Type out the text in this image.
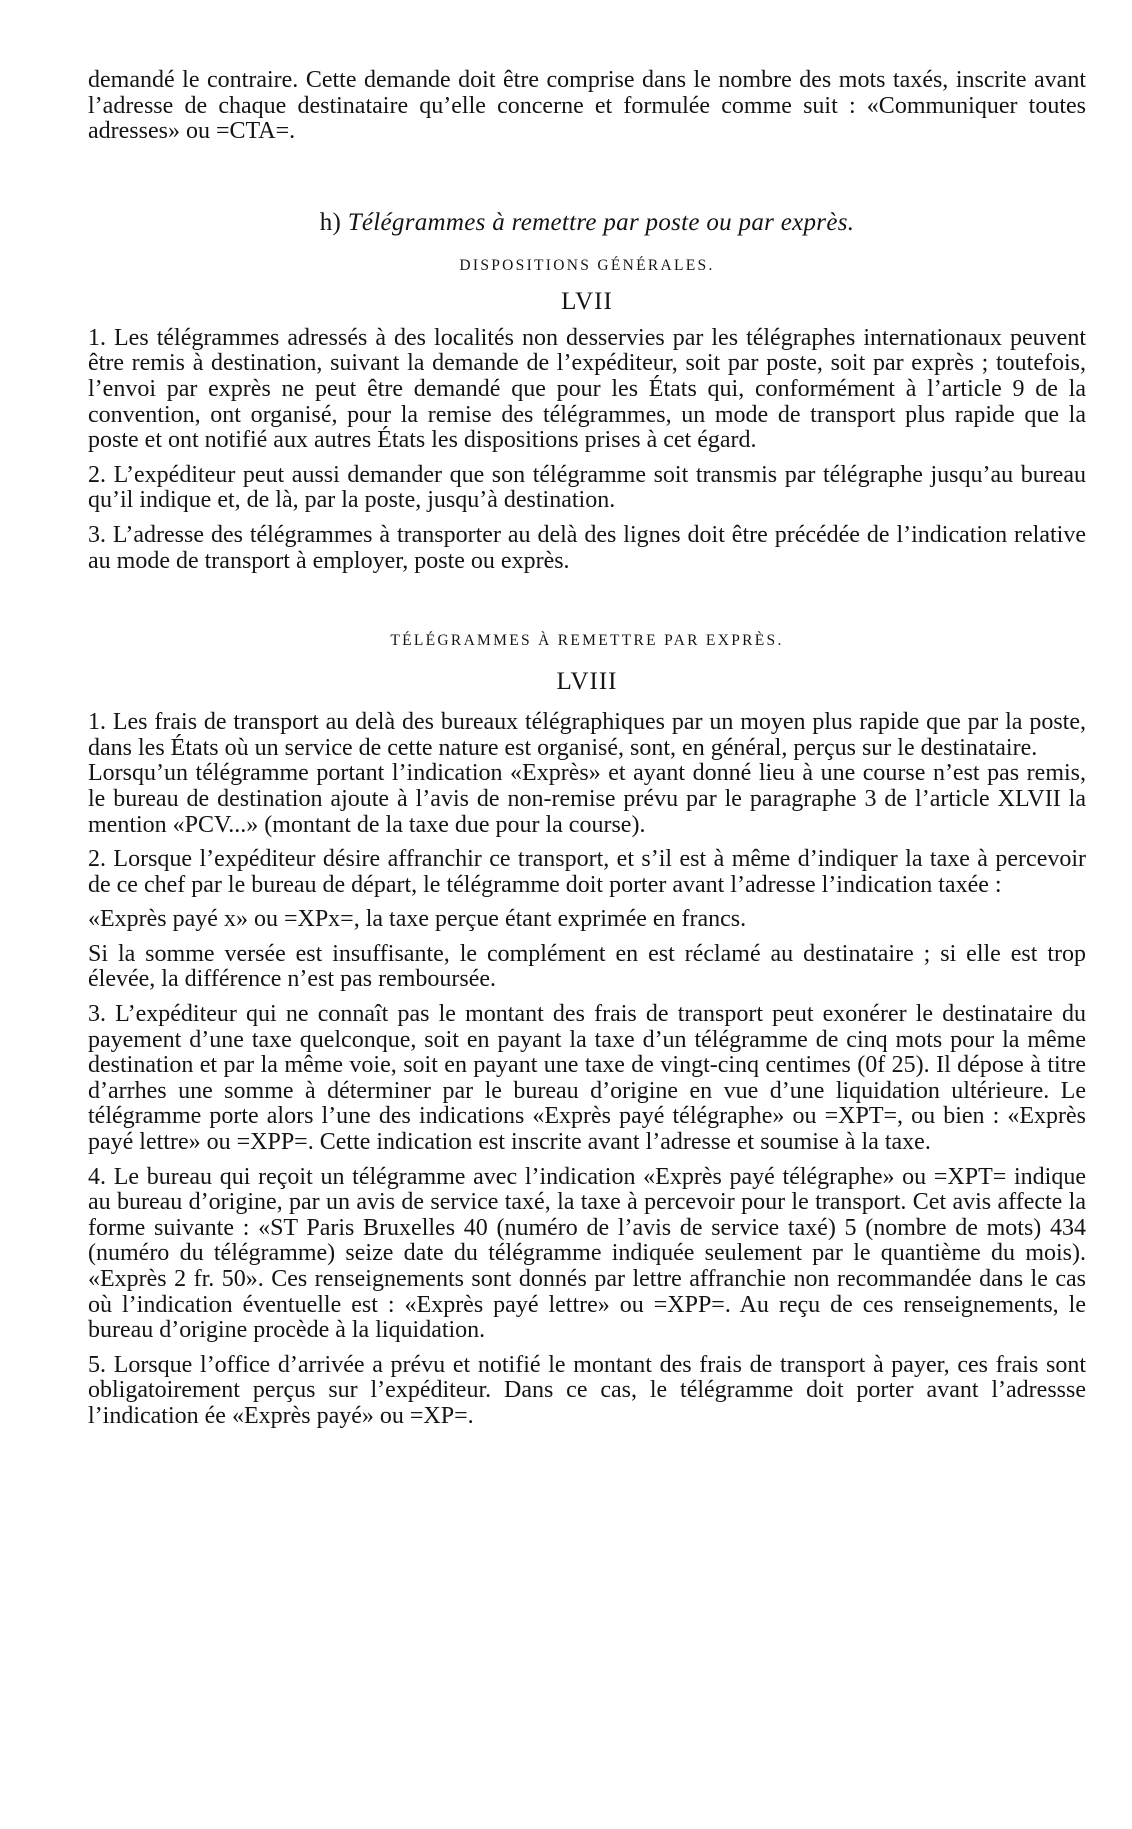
demandé le contraire. Cette demande doit être comprise dans le nombre des mots taxés, inscrite avant l’adresse de chaque destinataire qu’elle concerne et formulée comme suit : «Communiquer toutes adresses» ou =CTA=.

h) Télégrammes à remettre par poste ou par exprès.
DISPOSITIONS GÉNÉRALES.
LVII

1. Les télégrammes adressés à des localités non desservies par les télégraphes internationaux peuvent être remis à destination, suivant la demande de l’expéditeur, soit par poste, soit par exprès ; toutefois, l’envoi par exprès ne peut être demandé que pour les États qui, conformément à l’article 9 de la convention, ont organisé, pour la remise des télégrammes, un mode de transport plus rapide que la poste et ont notifié aux autres États les dispositions prises à cet égard.

2. L’expéditeur peut aussi demander que son télégramme soit transmis par télégraphe jusqu’au bureau qu’il indique et, de là, par la poste, jusqu’à destination.

3. L’adresse des télégrammes à transporter au delà des lignes doit être précédée de l’indication relative au mode de transport à employer, poste ou exprès.

TÉLÉGRAMMES À REMETTRE PAR EXPRÈS.
LVIII

1. Les frais de transport au delà des bureaux télégraphiques par un moyen plus rapide que par la poste, dans les États où un service de cette nature est organisé, sont, en général, perçus sur le destinataire.

Lorsqu’un télégramme portant l’indication «Exprès» et ayant donné lieu à une course n’est pas remis, le bureau de destination ajoute à l’avis de non-remise prévu par le paragraphe 3 de l’article XLVII la mention «PCV...» (montant de la taxe due pour la course).

2. Lorsque l’expéditeur désire affranchir ce transport, et s’il est à même d’indiquer la taxe à percevoir de ce chef par le bureau de départ, le télégramme doit porter avant l’adresse l’indication taxée :

«Exprès payé x» ou =XPx=, la taxe perçue étant exprimée en francs.

Si la somme versée est insuffisante, le complément en est réclamé au destinataire ; si elle est trop élevée, la différence n’est pas remboursée.

3. L’expéditeur qui ne connaît pas le montant des frais de transport peut exonérer le destinataire du payement d’une taxe quelconque, soit en payant la taxe d’un télégramme de cinq mots pour la même destination et par la même voie, soit en payant une taxe de vingt-cinq centimes (0f 25). Il dépose à titre d’arrhes une somme à déterminer par le bureau d’origine en vue d’une liquidation ultérieure. Le télégramme porte alors l’une des indications «Exprès payé télégraphe» ou =XPT=, ou bien : «Exprès payé lettre» ou =XPP=. Cette indication est inscrite avant l’adresse et soumise à la taxe.

4. Le bureau qui reçoit un télégramme avec l’indication «Exprès payé télégraphe» ou =XPT= indique au bureau d’origine, par un avis de service taxé, la taxe à percevoir pour le transport. Cet avis affecte la forme suivante : «ST Paris Bruxelles 40 (numéro de l’avis de service taxé) 5 (nombre de mots) 434 (numéro du télégramme) seize date du télégramme indiquée seulement par le quantième du mois). «Exprès 2 fr. 50». Ces renseignements sont donnés par lettre affranchie non recommandée dans le cas où l’indication éventuelle est : «Exprès payé lettre» ou =XPP=. Au reçu de ces renseignements, le bureau d’origine procède à la liquidation.

5. Lorsque l’office d’arrivée a prévu et notifié le montant des frais de transport à payer, ces frais sont obligatoirement perçus sur l’expéditeur. Dans ce cas, le télégramme doit porter avant l’adressse l’indication ée «Exprès payé» ou =XP=.
